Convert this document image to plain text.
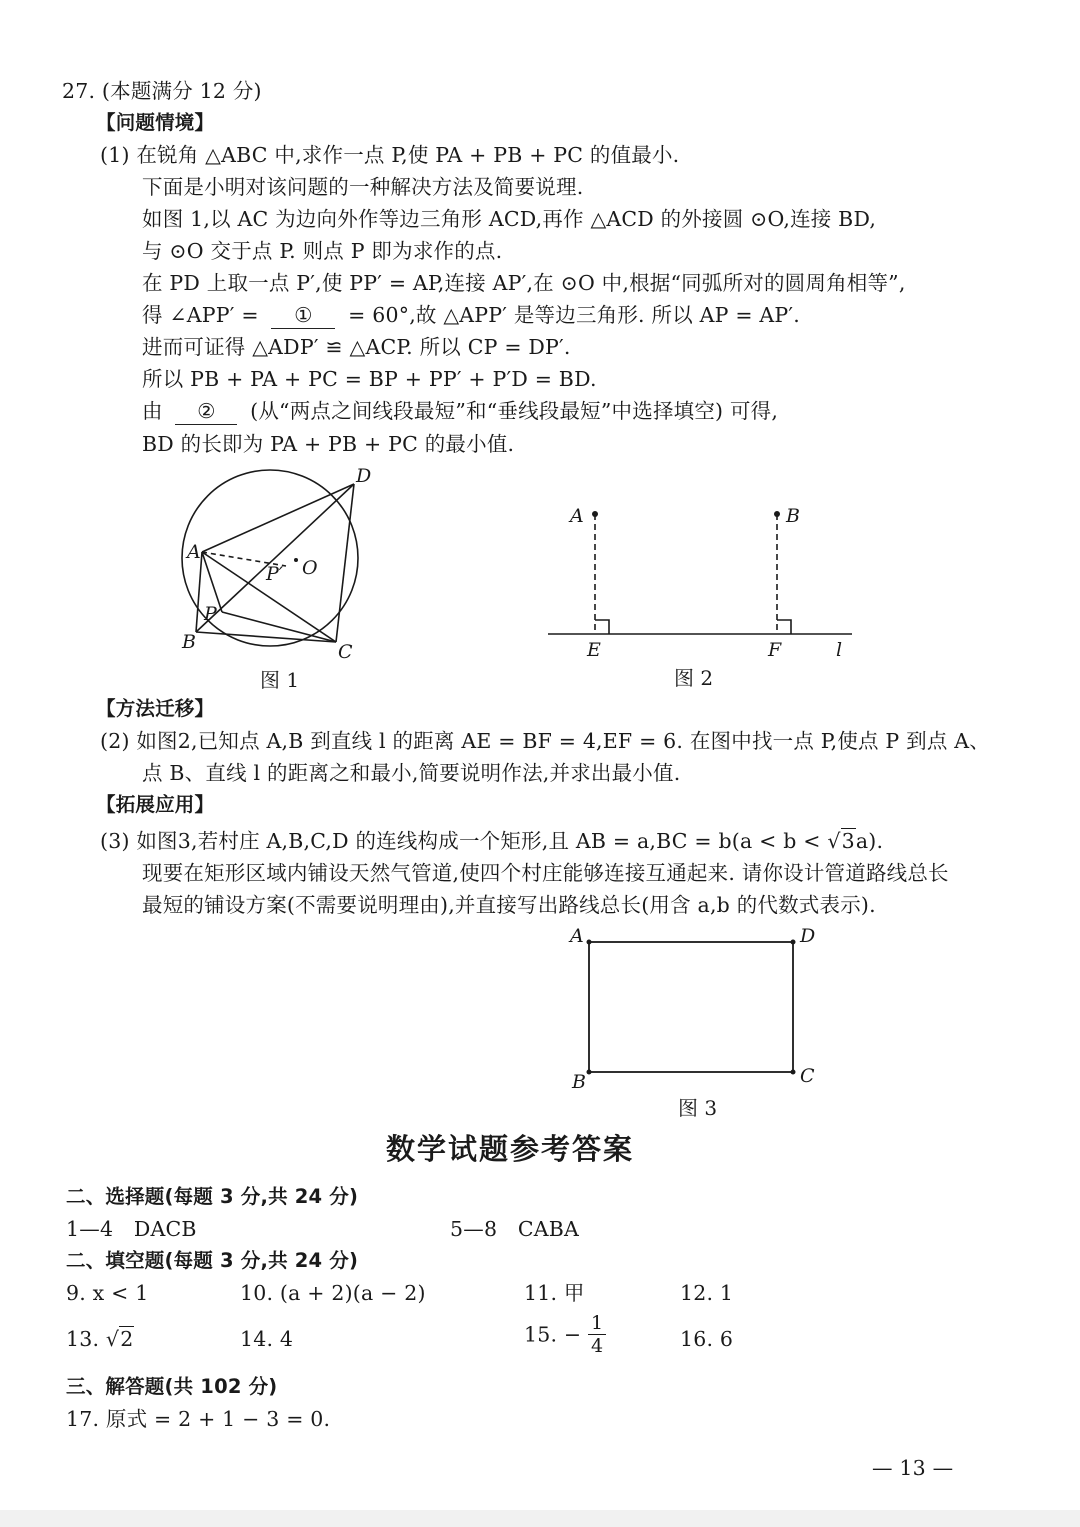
27. (本题满分 12 分)
【问题情境】
(1) 在锐角 △ABC 中,求作一点 P,使 PA + PB + PC 的值最小.
下面是小明对该问题的一种解决方法及简要说理.
如图 1,以 AC 为边向外作等边三角形 ACD,再作 △ACD 的外接圆 ⊙O,连接 BD,
与 ⊙O 交于点 P. 则点 P 即为求作的点.
在 PD 上取一点 P′,使 PP′ = AP,连接 AP′,在 ⊙O 中,根据“同弧所对的圆周角相等”,
得 ∠APP′ = ① = 60°,故 △APP′ 是等边三角形. 所以 AP = AP′.
进而可证得 △ADP′ ≌ △ACP. 所以 CP = DP′.
所以 PB + PA + PC = BP + PP′ + P′D = BD.
由 ② (从“两点之间线段最短”和“垂线段最短”中选择填空) 可得,
BD 的长即为 PA + PB + PC 的最小值.
D
A
P′ O
P
B	C
图 1
A	B
E	F	l
图 2
【方法迁移】
(2) 如图2,已知点 A,B 到直线 l 的距离 AE = BF = 4,EF = 6. 在图中找一点 P,使点 P 到点 A、
点 B、直线 l 的距离之和最小,简要说明作法,并求出最小值.
【拓展应用】
(3) 如图3,若村庄 A,B,C,D 的连线构成一个矩形,且 AB = a,BC = b(a < b < √3a).
现要在矩形区域内铺设天然气管道,使四个村庄能够连接互通起来. 请你设计管道路线总长
最短的铺设方案(不需要说明理由),并直接写出路线总长(用含 a,b 的代数式表示).
A	D
B	C
图 3
数学试题参考答案
二、选择题(每题 3 分,共 24 分)
1—4　DACB	5—8　CABA
二、填空题(每题 3 分,共 24 分)
9. x < 1	10. (a + 2)(a − 2)	11. 甲	12. 1
13. √2	14. 4	15. − $\frac{1}{4}$	16. 6
三、解答题(共 102 分)
17. 原式 = 2 + 1 − 3 = 0.
— 13 —
